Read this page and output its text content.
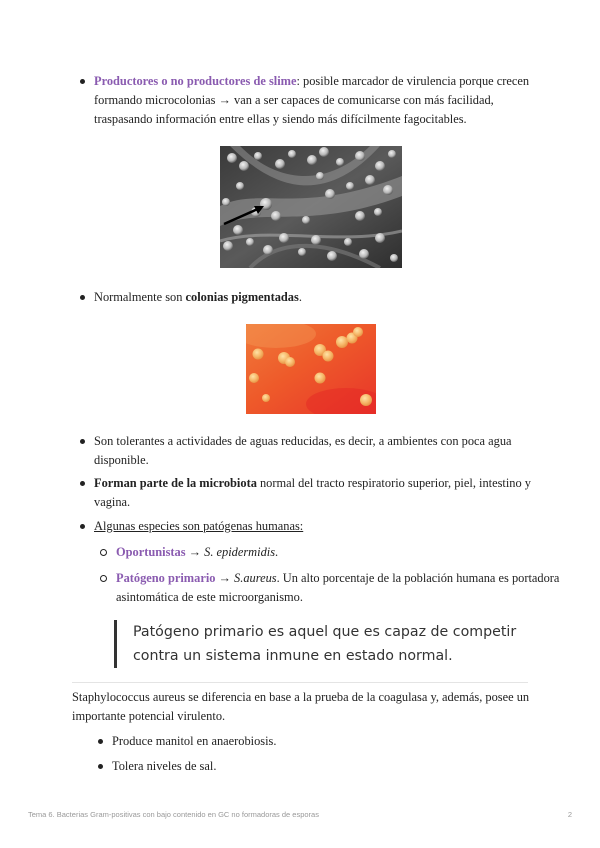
Productores o no productores de slime: posible marcador de virulencia porque crecen formando microcolonias → van a ser capaces de comunicarse con más facilidad, traspasando información entre ellas y siendo más difícilmente fagocitables.
Normalmente son colonias pigmentadas.
Son tolerantes a actividades de aguas reducidas, es decir, a ambientes con poca agua disponible.
Forman parte de la microbiota normal del tracto respiratorio superior, piel, intestino y vagina.
Algunas especies son patógenas humanas:
Oportunistas → S. epidermidis.
Patógeno primario → S.aureus. Un alto porcentaje de la población humana es portadora asintomática de este microorganismo.
Patógeno primario es aquel que es capaz de competir contra un sistema inmune en estado normal.
Staphylococcus aureus se diferencia en base a la prueba de la coagulasa y, además, posee un importante potencial virulento.
Produce manitol en anaerobiosis.
Tolera niveles de sal.
Tema 6. Bacterias Gram-positivas con bajo contenido en GC no formadoras de esporas	2
